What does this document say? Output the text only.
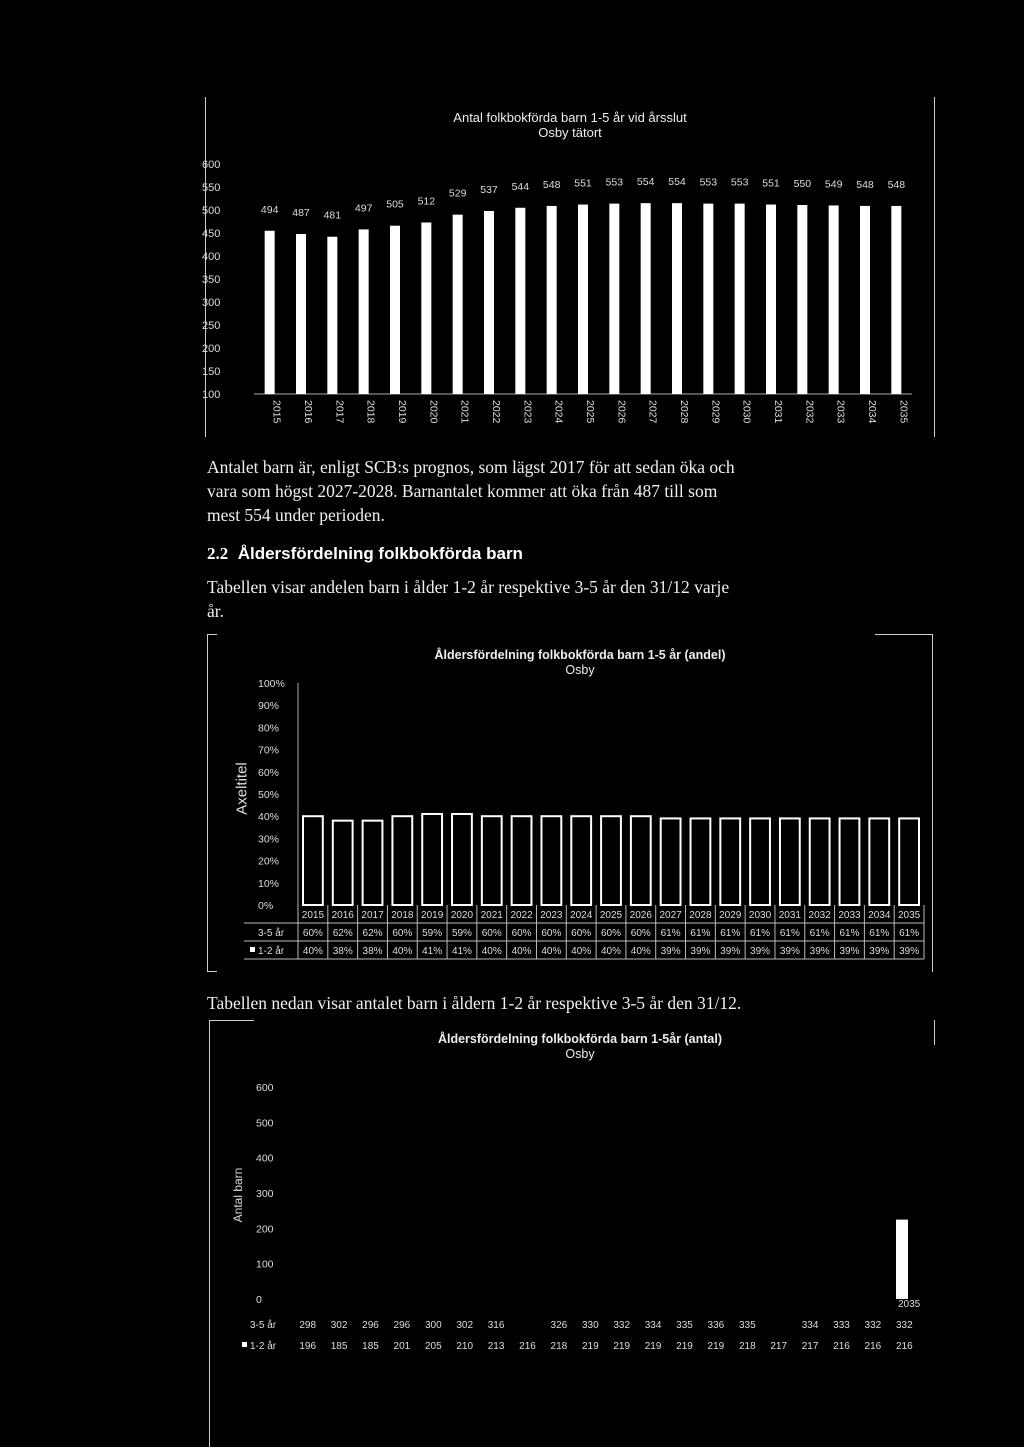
Antal folkbokförda barn 1-5 år vid årsslut
Osby tätort
600
550
500
450
400
350
300
250
200
150
100
494 487 481
497 505 512
529 537 544 548 551 553 554 554 553 553 551 550 549 548 548
2015 2016 2017 2018 2019 2020 2021 2022 2023 2024 2025 2026 2027 2028 2029 2030 2031 2032 2033 2034 2035
Antalet barn är, enligt SCB:s prognos, som lägst 2017 för att sedan öka och
vara som högst 2027-2028. Barnantalet kommer att öka från 487 till som
mest 554 under perioden.
2.2 Åldersfördelning folkbokförda barn
Tabellen visar andelen barn i ålder 1-2 år respektive 3-5 år den 31/12 varje
år.
Åldersfördelning folkbokförda barn 1-5 år (andel)
Osby
Axeltitel
100%
90%
80%
70%
60%
50%
40%
30%
20%
10%
0%
3-5 år
1-2 år
2015
60%
40%
2016
62%
38%
2017
62%
38%
2018
60%
40%
2019
59%
41%
2020
59%
41%
2021
60%
40%
2022
60%
40%
2023
60%
40%
2024
60%
40%
2025
60%
40%
2026
60%
40%
2027
61%
39%
2028
61%
39%
2029
61%
39%
2030
61%
39%
2031
61%
39%
2032
61%
39%
2033
61%
39%
2034
61%
39%
2035
61%
39%
Tabellen nedan visar antalet barn i åldern 1-2 år respektive 3-5 år den 31/12.
Åldersfördelning folkbokförda barn 1-5år (antal)
Osby
Antal barn
600
500
400
300
200
100
0	2035
3-5 år
1-2 år
298
196
302
185
296
185
296
201
300
205
302
210
316
213 216
326
218
330
219
332
219
334
219
335
219
336
219
335
218 217
334
217
333
216
332
216
332
216
